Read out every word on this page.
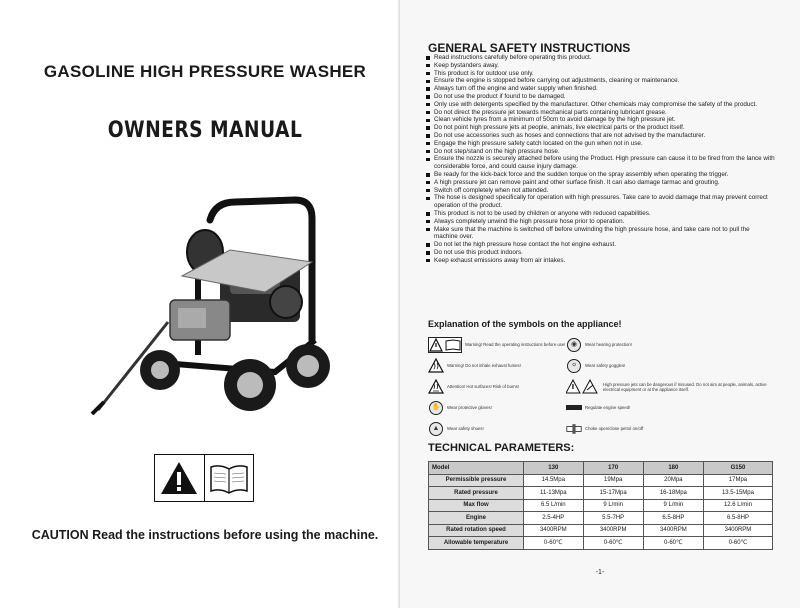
GASOLINE HIGH PRESSURE WASHER
OWNERS MANUAL
CAUTION Read the instructions before using the machine.
GENERAL SAFETY INSTRUCTIONS
Read instructions carefully before operating this product.
Keep bystanders away.
This product is for outdoor use only.
Ensure the engine is stopped before carrying out adjustments, cleaning or maintenance.
Always turn off the engine and water supply when finished.
Do not use the product if found to be damaged.
Only use with detergents specified by the manufacturer. Other chemicals may compromise the safety of the product.
Do not direct the pressure jet towards mechanical parts containing lubricant grease.
Clean vehicle tyres from a minimum of 50cm to avoid damage by the high pressure jet.
Do not point high pressure jets at people, animals, live electrical parts or the product itself.
Do not use accessories such as hoses and connections that are not advised by the manufacturer.
Engage the high pressure safety catch located on the gun when not in use.
Do not step/stand on the high pressure hose.
Ensure the nozzle is securely attached before using the Product. High pressure can cause it to be fired from the lance with considerable force, and could cause injury damage.
Be ready for the kick-back force and the sudden torque on the spray assembly when operating the trigger.
A high pressure jet can remove paint and other surface finish. It can also damage tarmac and grouting.
Switch off completely when not attended.
The hose is designed specifically for operation with high pressures. Take care to avoid damage that may prevent correct operation of the product.
This product is not to be used by children or anyone with reduced capabilities.
Always completely unwind the high pressure hose prior to operation.
Make sure that the machine is switched off before unwinding the high pressure hose, and take care not to pull the machine over.
Do not let the high pressure hose contact the hot engine exhaust.
Do not use this product indoors.
Keep exhaust emissions away from air intakes.
Explanation of the symbols on the appliance!
Warning! Read the operating instructions before use! ◉	Wear hearing protection!
Warning! Do not inhale exhaust fumes!	⚪	Wear safety goggles!
Attention! Hot surfaces! Risk of burns!	High pressure jets can be dangerous if misused. Do not aim at people, animals, active electrical equipment or at the appliance itself.
✋	Wear protective gloves!	Regulate engine speed!
▲	Wear safety shoes!	Choke open/close petrol on/off
TECHNICAL PARAMETERS:
Model	130	170	180	G150
Permissible pressure	14.5Mpa	19Mpa	20Mpa	17Mpa
Rated pressure	11-13Mpa	15-17Mpa	16-18Mpa	13.5-15Mpa
Max flow	6.5 L/min	9 L/min	9 L/min	12.6 L/min
Engine	2.5-4HP	5.5-7HP	6.5-8HP	6.5-8HP
Rated rotation speed	3400RPM	3400RPM	3400RPM	3400RPM
Allowable temperature	0-60℃	0-60℃	0-60℃	0-60℃
-1-
